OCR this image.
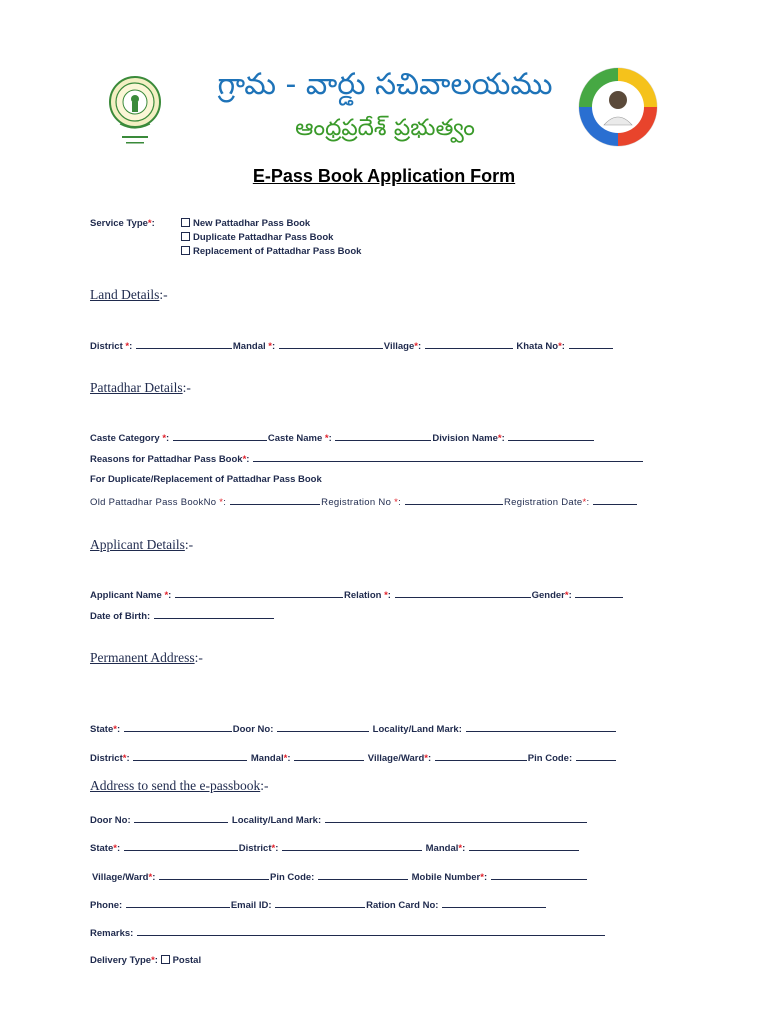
గ్రామ - వార్డు సచివాలయము
ఆంధ్రప్రదేశ్ ప్రభుత్వం
E-Pass Book Application Form
Service Type*:	New Pattadhar Pass Book
Duplicate Pattadhar Pass Book
Replacement of Pattadhar Pass Book
Land Details:-
District *:	Mandal *:	Village*:	Khata No*:
Pattadhar Details:-
Caste Category *:	Caste Name *:	Division Name*:
Reasons for Pattadhar Pass Book*:
For Duplicate/Replacement of Pattadhar Pass Book
Old Pattadhar Pass BookNo *:	Registration No *:	Registration Date*:
Applicant Details:-
Applicant Name *:	Relation *:	Gender*:
Date of Birth:
Permanent Address:-
State*:	Door No:	Locality/Land Mark:
District*:	Mandal*:	Village/Ward*:	Pin Code:
Address to send the e-passbook:-
Door No:	Locality/Land Mark:
State*:	District*:	Mandal*:
Village/Ward*:	Pin Code:	Mobile Number*:
Phone:	Email ID:	Ration Card No:
Remarks:
Delivery Type*: Postal
